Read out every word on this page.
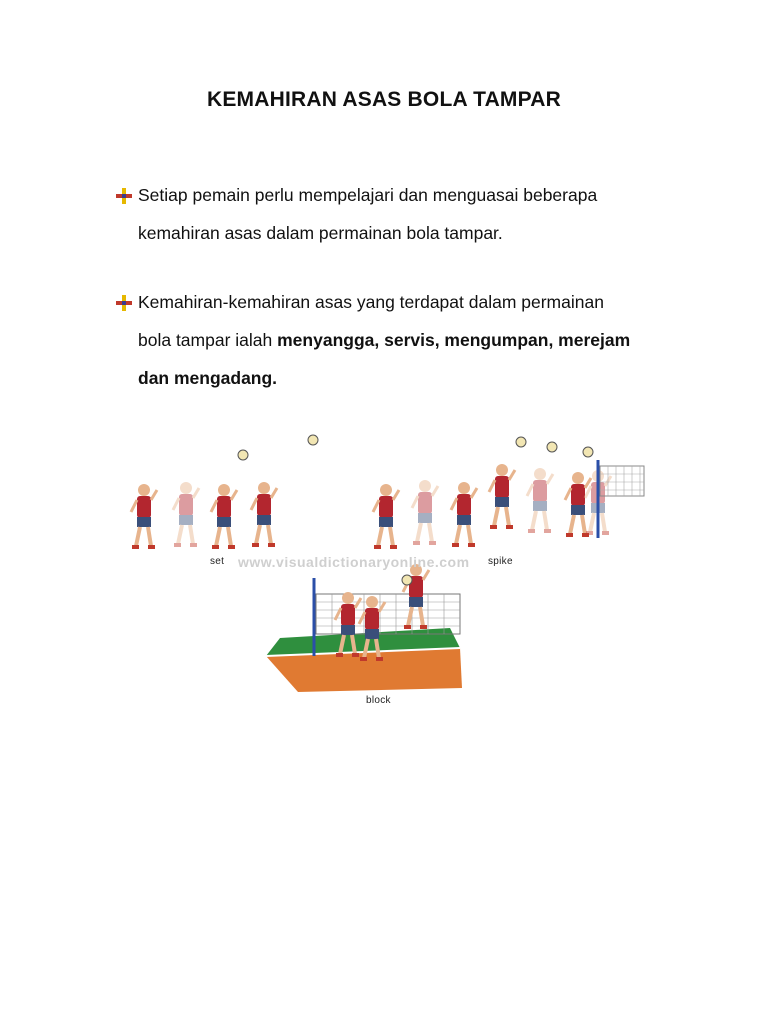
KEMAHIRAN ASAS BOLA TAMPAR
Setiap pemain perlu mempelajari dan menguasai beberapa
kemahiran asas dalam permainan bola tampar.
Kemahiran-kemahiran asas yang terdapat dalam permainan
bola tampar ialah menyangga, servis, mengumpan, merejam
dan mengadang.
www.visualdictionaryonline.com
set	spike
block
